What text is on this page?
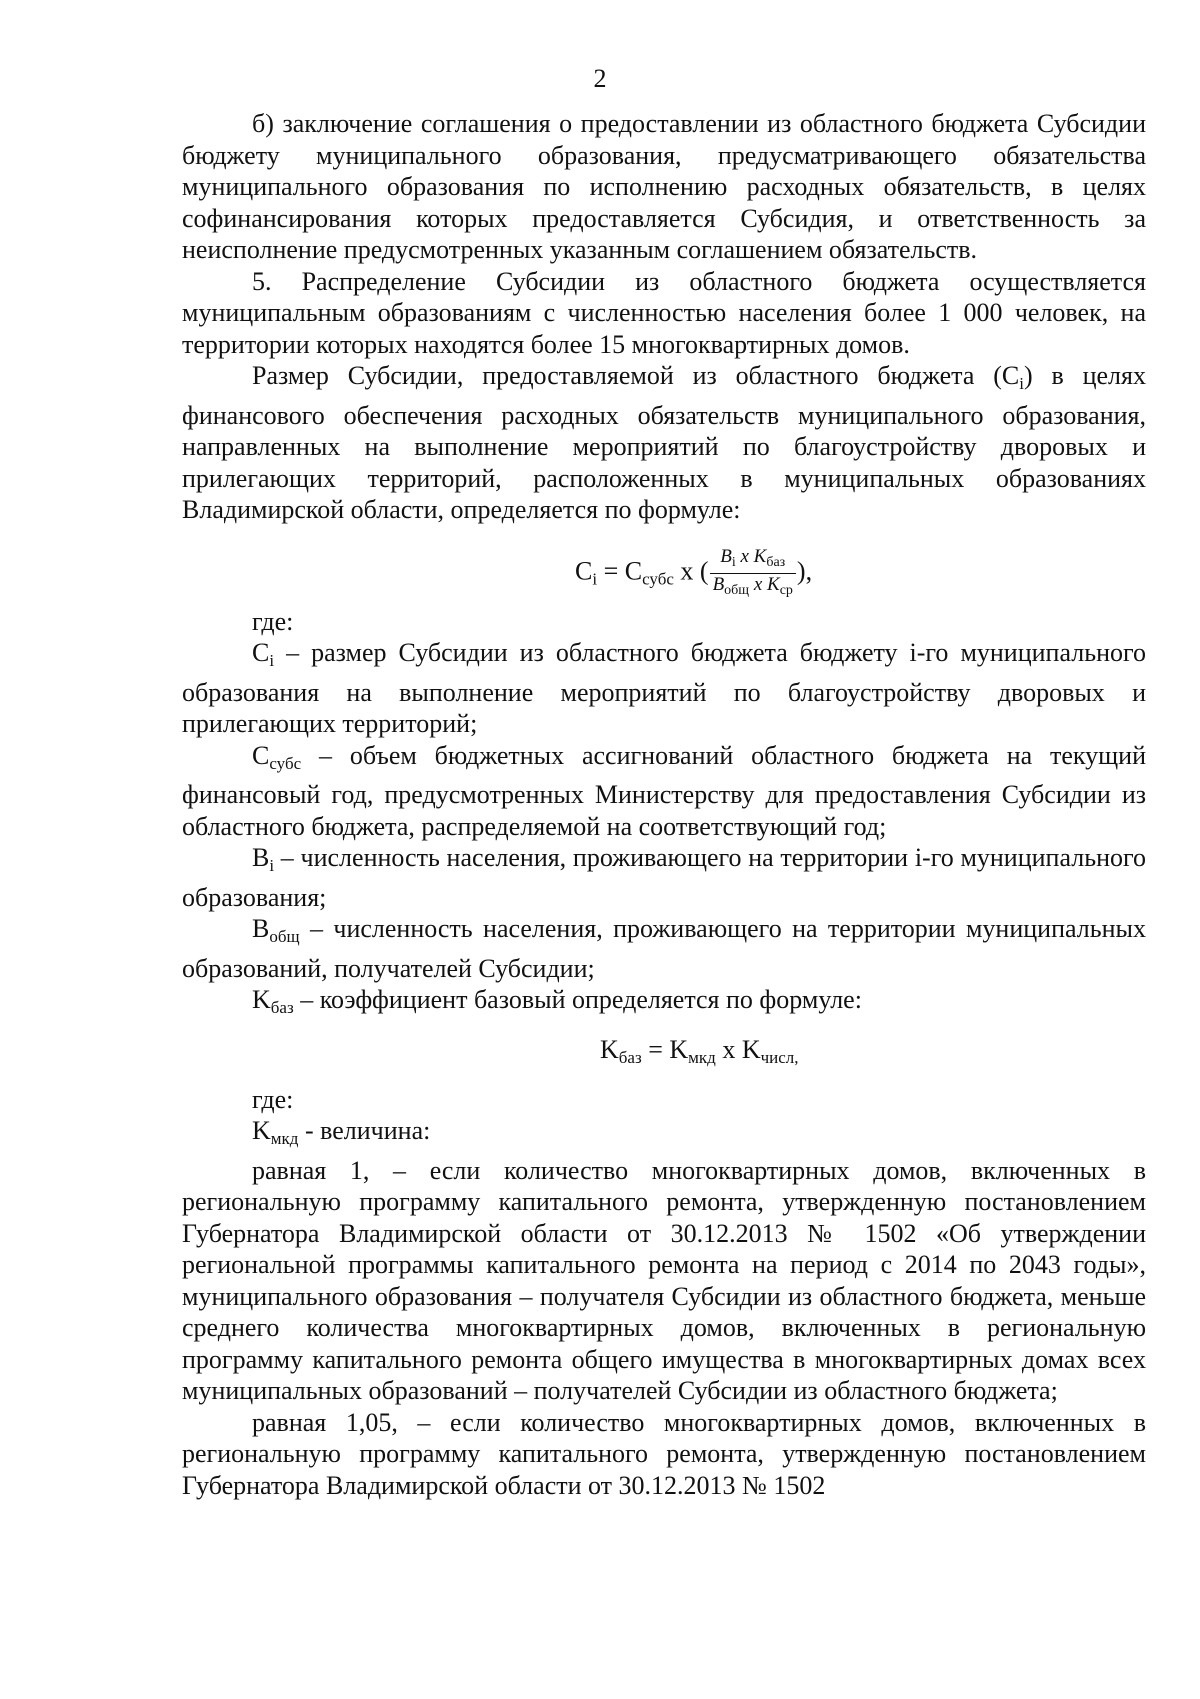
2

б) заключение соглашения о предоставлении из областного бюджета Субсидии бюджету муниципального образования, предусматривающего обязательства муниципального образования по исполнению расходных обязательств, в целях софинансирования которых предоставляется Субсидия, и ответственность за неисполнение предусмотренных указанным соглашением обязательств.

5. Распределение Субсидии из областного бюджета осуществляется муниципальным образованиям с численностью населения более 1 000 человек, на территории которых находятся более 15 многоквартирных домов.

Размер Субсидии, предоставляемой из областного бюджета $(C_i)$ в целях финансового обеспечения расходных обязательств муниципального образования, направленных на выполнение мероприятий по благоустройству дворовых и прилегающих территорий, расположенных в муниципальных образованиях Владимирской области, определяется по формуле:

$C_i = C_{субс}$ x ( $\frac{B_i x K_{баз}}{B_{общ} x K_{ср}}$ ),

где:

$C_i$ – размер Субсидии из областного бюджета бюджету i-го муниципального образования на выполнение мероприятий по благоустройству дворовых и прилегающих территорий;

$C_{субс}$ – объем бюджетных ассигнований областного бюджета на текущий финансовый год, предусмотренных Министерству для предоставления Субсидии из областного бюджета, распределяемой на соответствующий год;

$B_i$ – численность населения, проживающего на территории i-го муниципального образования;

$B_{общ}$ – численность населения, проживающего на территории муниципальных образований, получателей Субсидии;

$K_{баз}$ – коэффициент базовый определяется по формуле:

$K_{баз} = K_{мкд}$ x $K_{числ,}$

где:

$K_{мкд}$ - величина:

равная 1, – если количество многоквартирных домов, включенных в региональную программу капитального ремонта, утвержденную постановлением Губернатора Владимирской области от 30.12.2013 № 1502 «Об утверждении региональной программы капитального ремонта на период с 2014 по 2043 годы», муниципального образования – получателя Субсидии из областного бюджета, меньше среднего количества многоквартирных домов, включенных в региональную программу капитального ремонта общего имущества в многоквартирных домах всех муниципальных образований – получателей Субсидии из областного бюджета;

равная 1,05, – если количество многоквартирных домов, включенных в региональную программу капитального ремонта, утвержденную постановлением Губернатора Владимирской области от 30.12.2013 № 1502
